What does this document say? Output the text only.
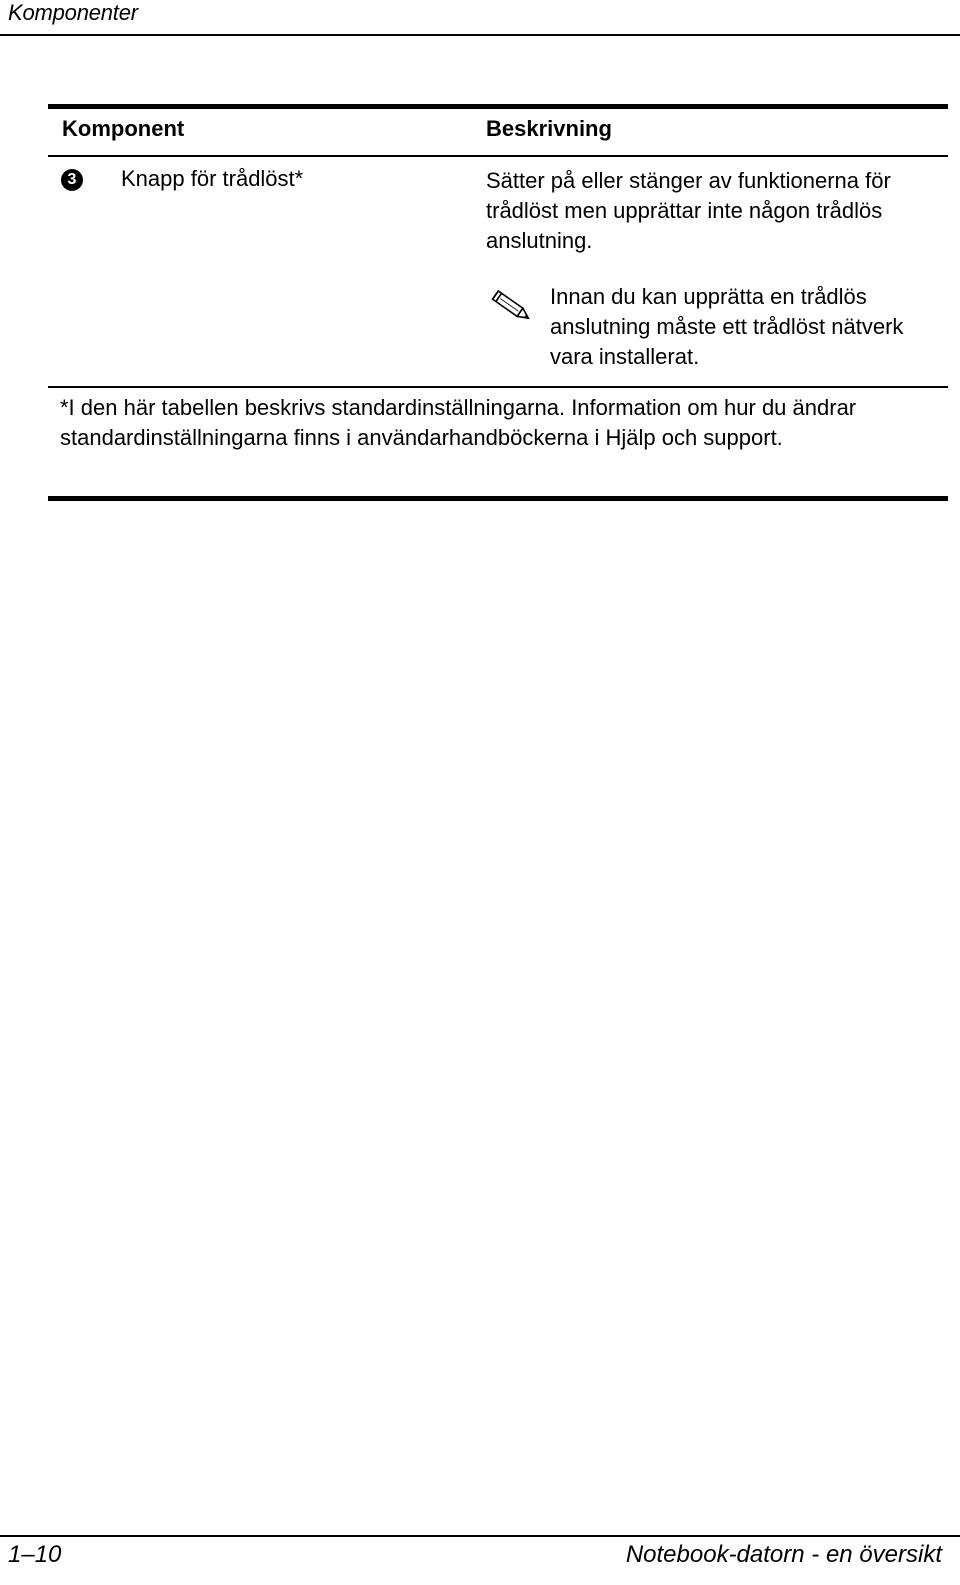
Komponenter
Komponent	Beskrivning
3 Knapp för trådlöst*	Sätter på eller stänger av funktionerna för trådlöst men upprättar inte någon trådlös anslutning.

Innan du kan upprätta en trådlös anslutning måste ett trådlöst nätverk vara installerat.

*I den här tabellen beskrivs standardinställningarna. Information om hur du ändrar standardinställningarna finns i användarhandböckerna i Hjälp och support.

1–10	Notebook-datorn - en översikt
